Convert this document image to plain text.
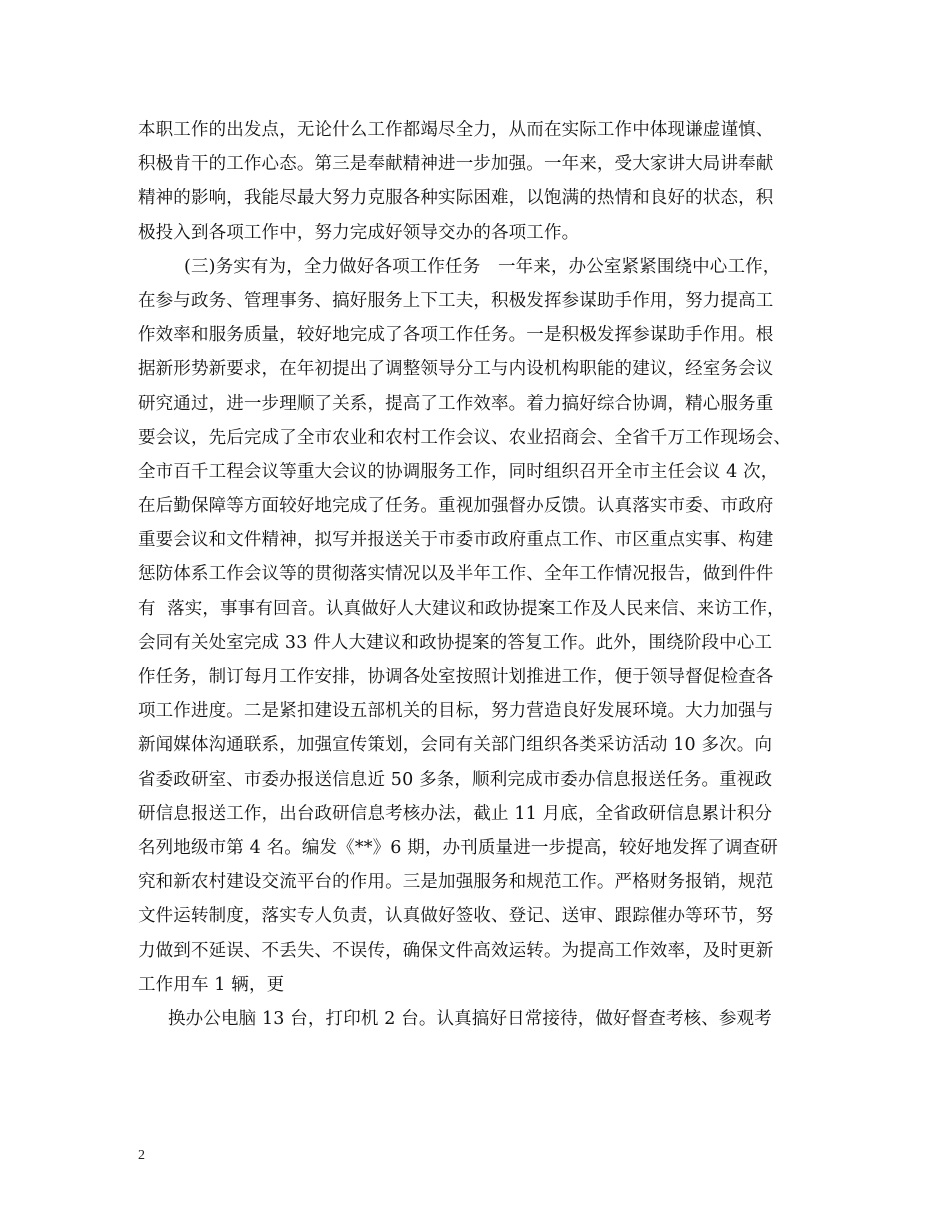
本职工作的出发点，无论什么工作都竭尽全力，从而在实际工作中体现谦虚谨慎、
积极肯干的工作心态。第三是奉献精神进一步加强。一年来，受大家讲大局讲奉献
精神的影响，我能尽最大努力克服各种实际困难，以饱满的热情和良好的状态，积
极投入到各项工作中，努力完成好领导交办的各项工作。
(三)务实有为，全力做好各项工作任务　一年来，办公室紧紧围绕中心工作，
在参与政务、管理事务、搞好服务上下工夫，积极发挥参谋助手作用，努力提高工
作效率和服务质量，较好地完成了各项工作任务。一是积极发挥参谋助手作用。根
据新形势新要求，在年初提出了调整领导分工与内设机构职能的建议，经室务会议
研究通过，进一步理顺了关系，提高了工作效率。着力搞好综合协调，精心服务重
要会议，先后完成了全市农业和农村工作会议、农业招商会、全省千万工作现场会、
全市百千工程会议等重大会议的协调服务工作，同时组织召开全市主任会议 4 次，
在后勤保障等方面较好地完成了任务。重视加强督办反馈。认真落实市委、市政府
重要会议和文件精神，拟写并报送关于市委市政府重点工作、市区重点实事、构建
惩防体系工作会议等的贯彻落实情况以及半年工作、全年工作情况报告，做到件件
有  落实，事事有回音。认真做好人大建议和政协提案工作及人民来信、来访工作，
会同有关处室完成 33 件人大建议和政协提案的答复工作。此外，围绕阶段中心工
作任务，制订每月工作安排，协调各处室按照计划推进工作，便于领导督促检查各
项工作进度。二是紧扣建设五部机关的目标，努力营造良好发展环境。大力加强与
新闻媒体沟通联系，加强宣传策划，会同有关部门组织各类采访活动 10 多次。向
省委政研室、市委办报送信息近 50 多条，顺利完成市委办信息报送任务。重视政
研信息报送工作，出台政研信息考核办法，截止 11 月底，全省政研信息累计积分
名列地级市第 4 名。编发《**》6 期，办刊质量进一步提高，较好地发挥了调查研
究和新农村建设交流平台的作用。三是加强服务和规范工作。严格财务报销，规范
文件运转制度，落实专人负责，认真做好签收、登记、送审、跟踪催办等环节，努
力做到不延误、不丢失、不误传，确保文件高效运转。为提高工作效率，及时更新
工作用车 1 辆，更
换办公电脑 13 台，打印机 2 台。认真搞好日常接待，做好督查考核、参观考
2
